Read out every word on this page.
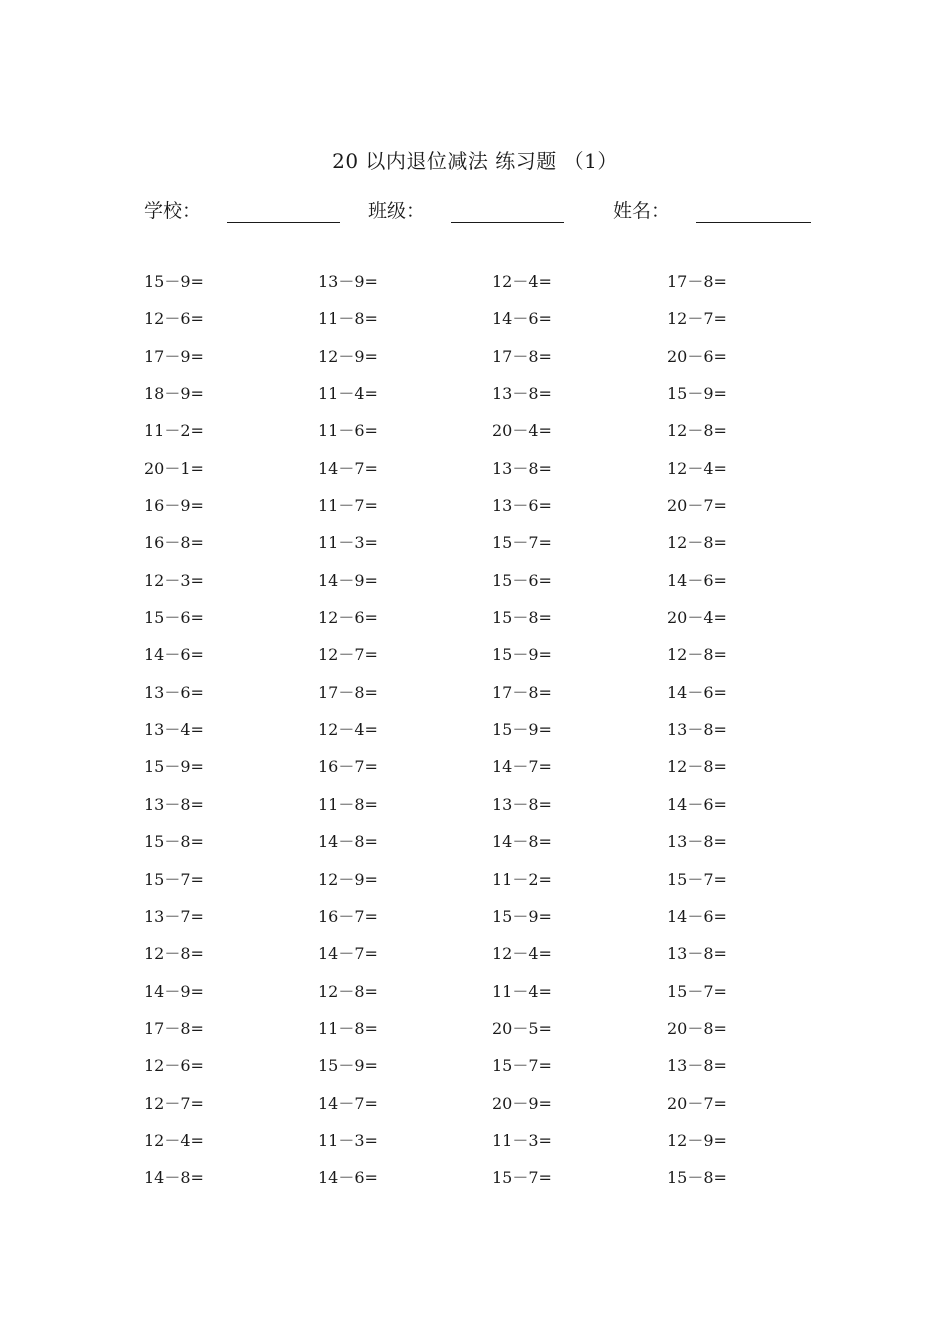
20 以内退位减法 练习题 （1）
学校：	班级：	姓名：
15－9=	13－9=	12－4=	17－8=
12－6=	11－8=	14－6=	12－7=
17－9=	12－9=	17－8=	20－6=
18－9=	11－4=	13－8=	15－9=
11－2=	11－6=	20－4=	12－8=
20－1=	14－7=	13－8=	12－4=
16－9=	11－7=	13－6=	20－7=
16－8=	11－3=	15－7=	12－8=
12－3=	14－9=	15－6=	14－6=
15－6=	12－6=	15－8=	20－4=
14－6=	12－7=	15－9=	12－8=
13－6=	17－8=	17－8=	14－6=
13－4=	12－4=	15－9=	13－8=
15－9=	16－7=	14－7=	12－8=
13－8=	11－8=	13－8=	14－6=
15－8=	14－8=	14－8=	13－8=
15－7=	12－9=	11－2=	15－7=
13－7=	16－7=	15－9=	14－6=
12－8=	14－7=	12－4=	13－8=
14－9=	12－8=	11－4=	15－7=
17－8=	11－8=	20－5=	20－8=
12－6=	15－9=	15－7=	13－8=
12－7=	14－7=	20－9=	20－7=
12－4=	11－3=	11－3=	12－9=
14－8=	14－6=	15－7=	15－8=
